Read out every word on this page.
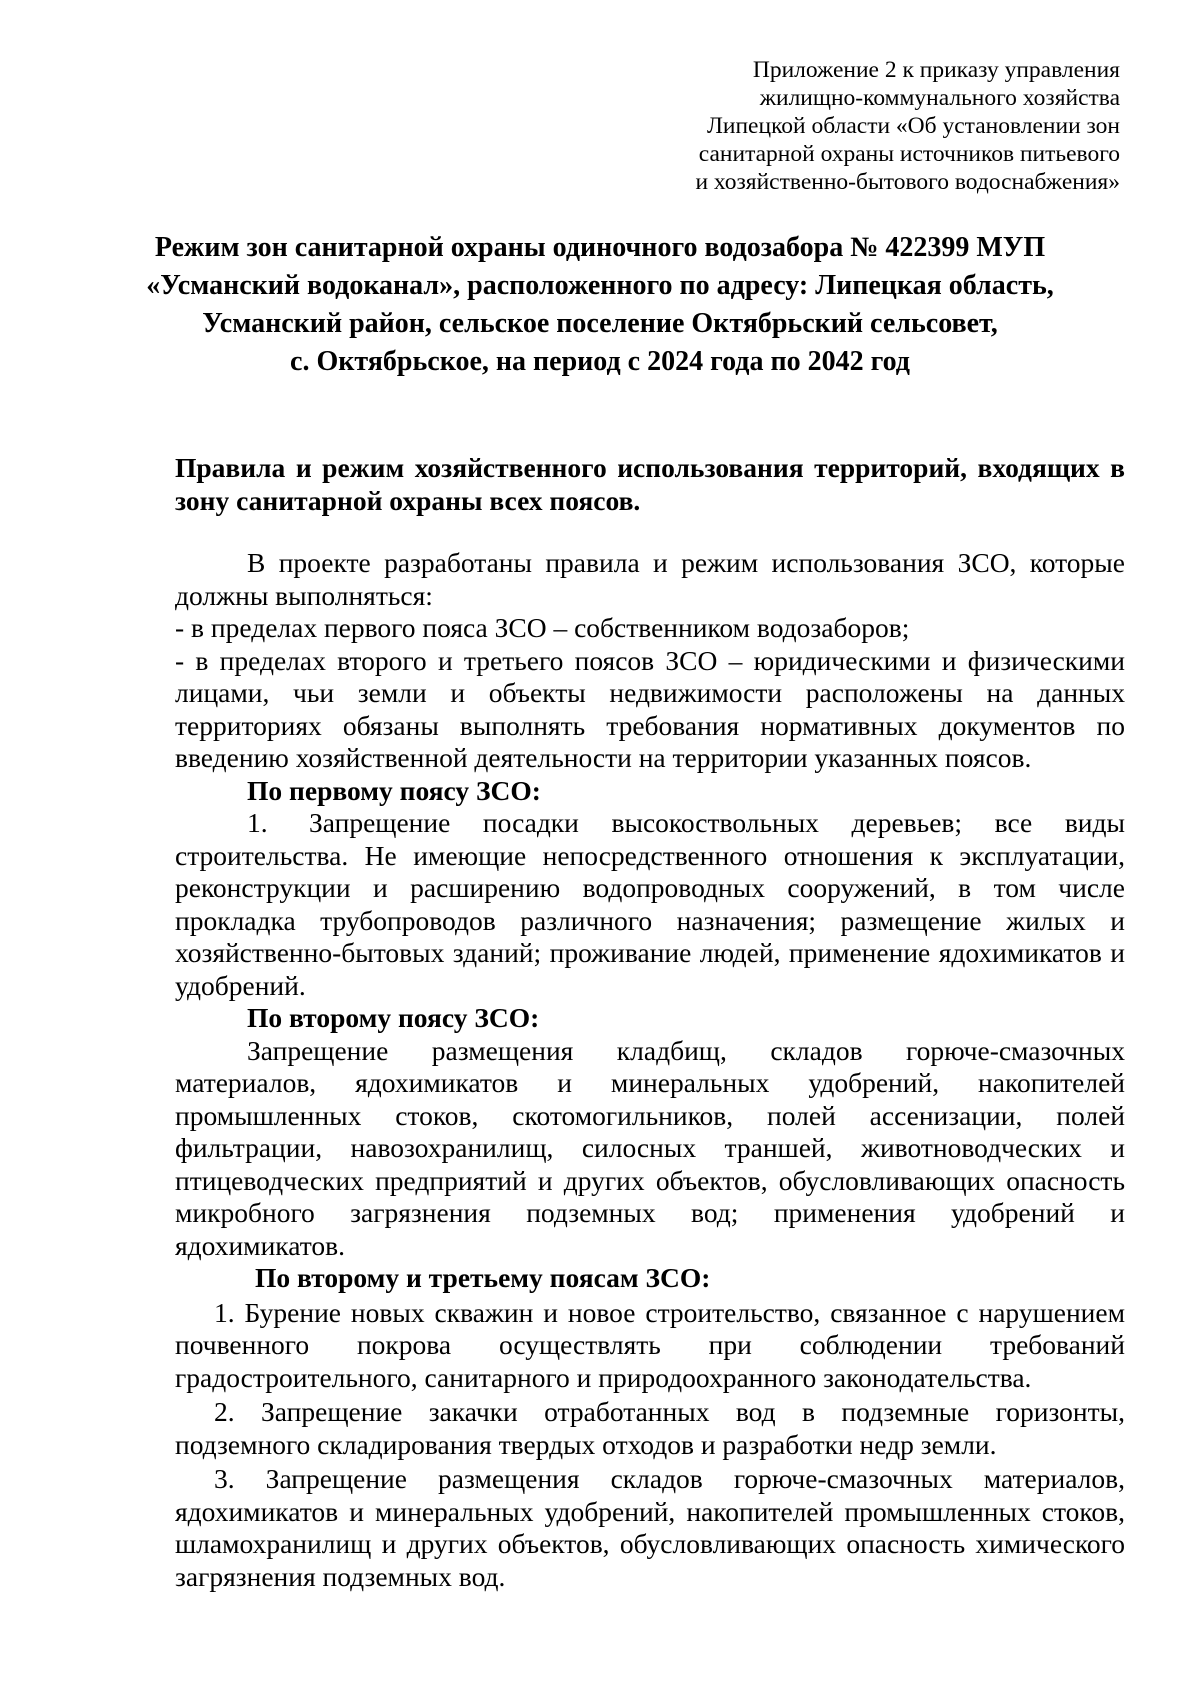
Приложение 2 к приказу управления
жилищно-коммунального хозяйства
Липецкой области «Об установлении зон
санитарной охраны источников питьевого
и хозяйственно-бытового водоснабжения»
Режим зон санитарной охраны одиночного водозабора № 422399 МУП
«Усманский водоканал», расположенного по адресу: Липецкая область,
Усманский район, сельское поселение Октябрьский сельсовет,
с. Октябрьское, на период с 2024 года по 2042 год
Правила и режим хозяйственного использования территорий, входящих в зону санитарной охраны всех поясов.

В проекте разработаны правила и режим использования ЗСО, которые должны выполняться:

- в пределах первого пояса ЗСО – собственником водозаборов;

- в пределах второго и третьего поясов ЗСО – юридическими и физическими лицами, чьи земли и объекты недвижимости расположены на данных территориях обязаны выполнять требования нормативных документов по введению хозяйственной деятельности на территории указанных поясов.

По первому поясу ЗСО:

1. Запрещение посадки высокоствольных деревьев; все виды строительства. Не имеющие непосредственного отношения к эксплуатации, реконструкции и расширению водопроводных сооружений, в том числе прокладка трубопроводов различного назначения; размещение жилых и хозяйственно-бытовых зданий; проживание людей, применение ядохимикатов и удобрений.

По второму поясу ЗСО:

Запрещение размещения кладбищ, складов горюче-смазочных материалов, ядохимикатов и минеральных удобрений, накопителей промышленных стоков, скотомогильников, полей ассенизации, полей фильтрации, навозохранилищ, силосных траншей, животноводческих и птицеводческих предприятий и других объектов, обусловливающих опасность микробного загрязнения подземных вод; применения удобрений и ядохимикатов.

По второму и третьему поясам ЗСО:

1. Бурение новых скважин и новое строительство, связанное с нарушением почвенного покрова осуществлять при соблюдении требований градостроительного, санитарного и природоохранного законодательства.

2. Запрещение закачки отработанных вод в подземные горизонты, подземного складирования твердых отходов и разработки недр земли.

3. Запрещение размещения складов горюче-смазочных материалов, ядохимикатов и минеральных удобрений, накопителей промышленных стоков, шламохранилищ и других объектов, обусловливающих опасность химического загрязнения подземных вод.
